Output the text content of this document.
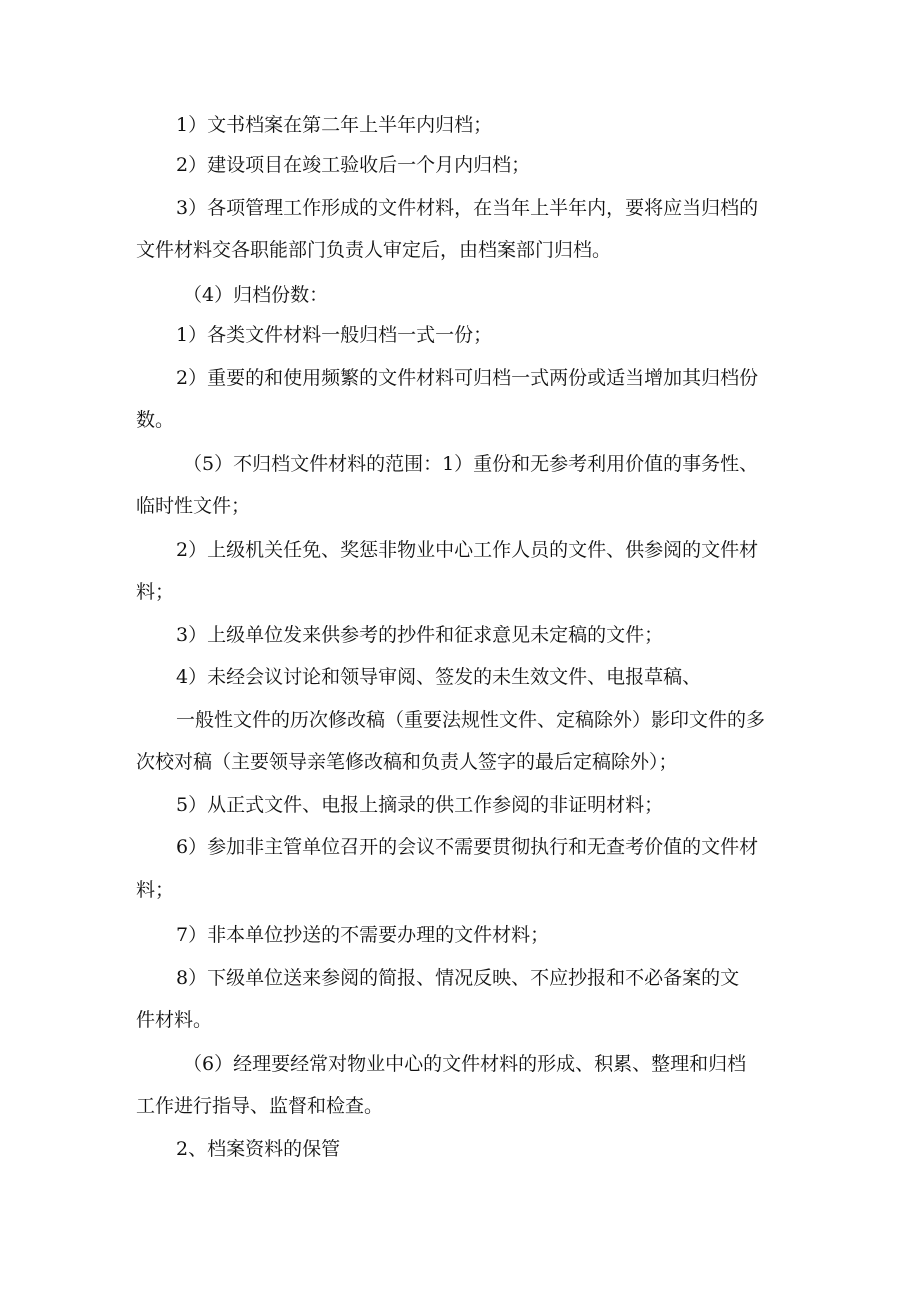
1）文书档案在第二年上半年内归档；

2）建设项目在竣工验收后一个月内归档；

3）各项管理工作形成的文件材料，在当年上半年内，要将应当归档的

文件材料交各职能部门负责人审定后，由档案部门归档。

（4）归档份数：

1）各类文件材料一般归档一式一份；

2）重要的和使用频繁的文件材料可归档一式两份或适当增加其归档份

数。

（5）不归档文件材料的范围：1）重份和无参考利用价值的事务性、

临时性文件；

2）上级机关任免、奖惩非物业中心工作人员的文件、供参阅的文件材

料；

3）上级单位发来供参考的抄件和征求意见未定稿的文件；

4）未经会议讨论和领导审阅、签发的未生效文件、电报草稿、

一般性文件的历次修改稿（重要法规性文件、定稿除外）影印文件的多

次校对稿（主要领导亲笔修改稿和负责人签字的最后定稿除外）；

5）从正式文件、电报上摘录的供工作参阅的非证明材料；

6）参加非主管单位召开的会议不需要贯彻执行和无查考价值的文件材

料；

7）非本单位抄送的不需要办理的文件材料；

8）下级单位送来参阅的简报、情况反映、不应抄报和不必备案的文

件材料。

（6）经理要经常对物业中心的文件材料的形成、积累、整理和归档

工作进行指导、监督和检查。

2、档案资料的保管
